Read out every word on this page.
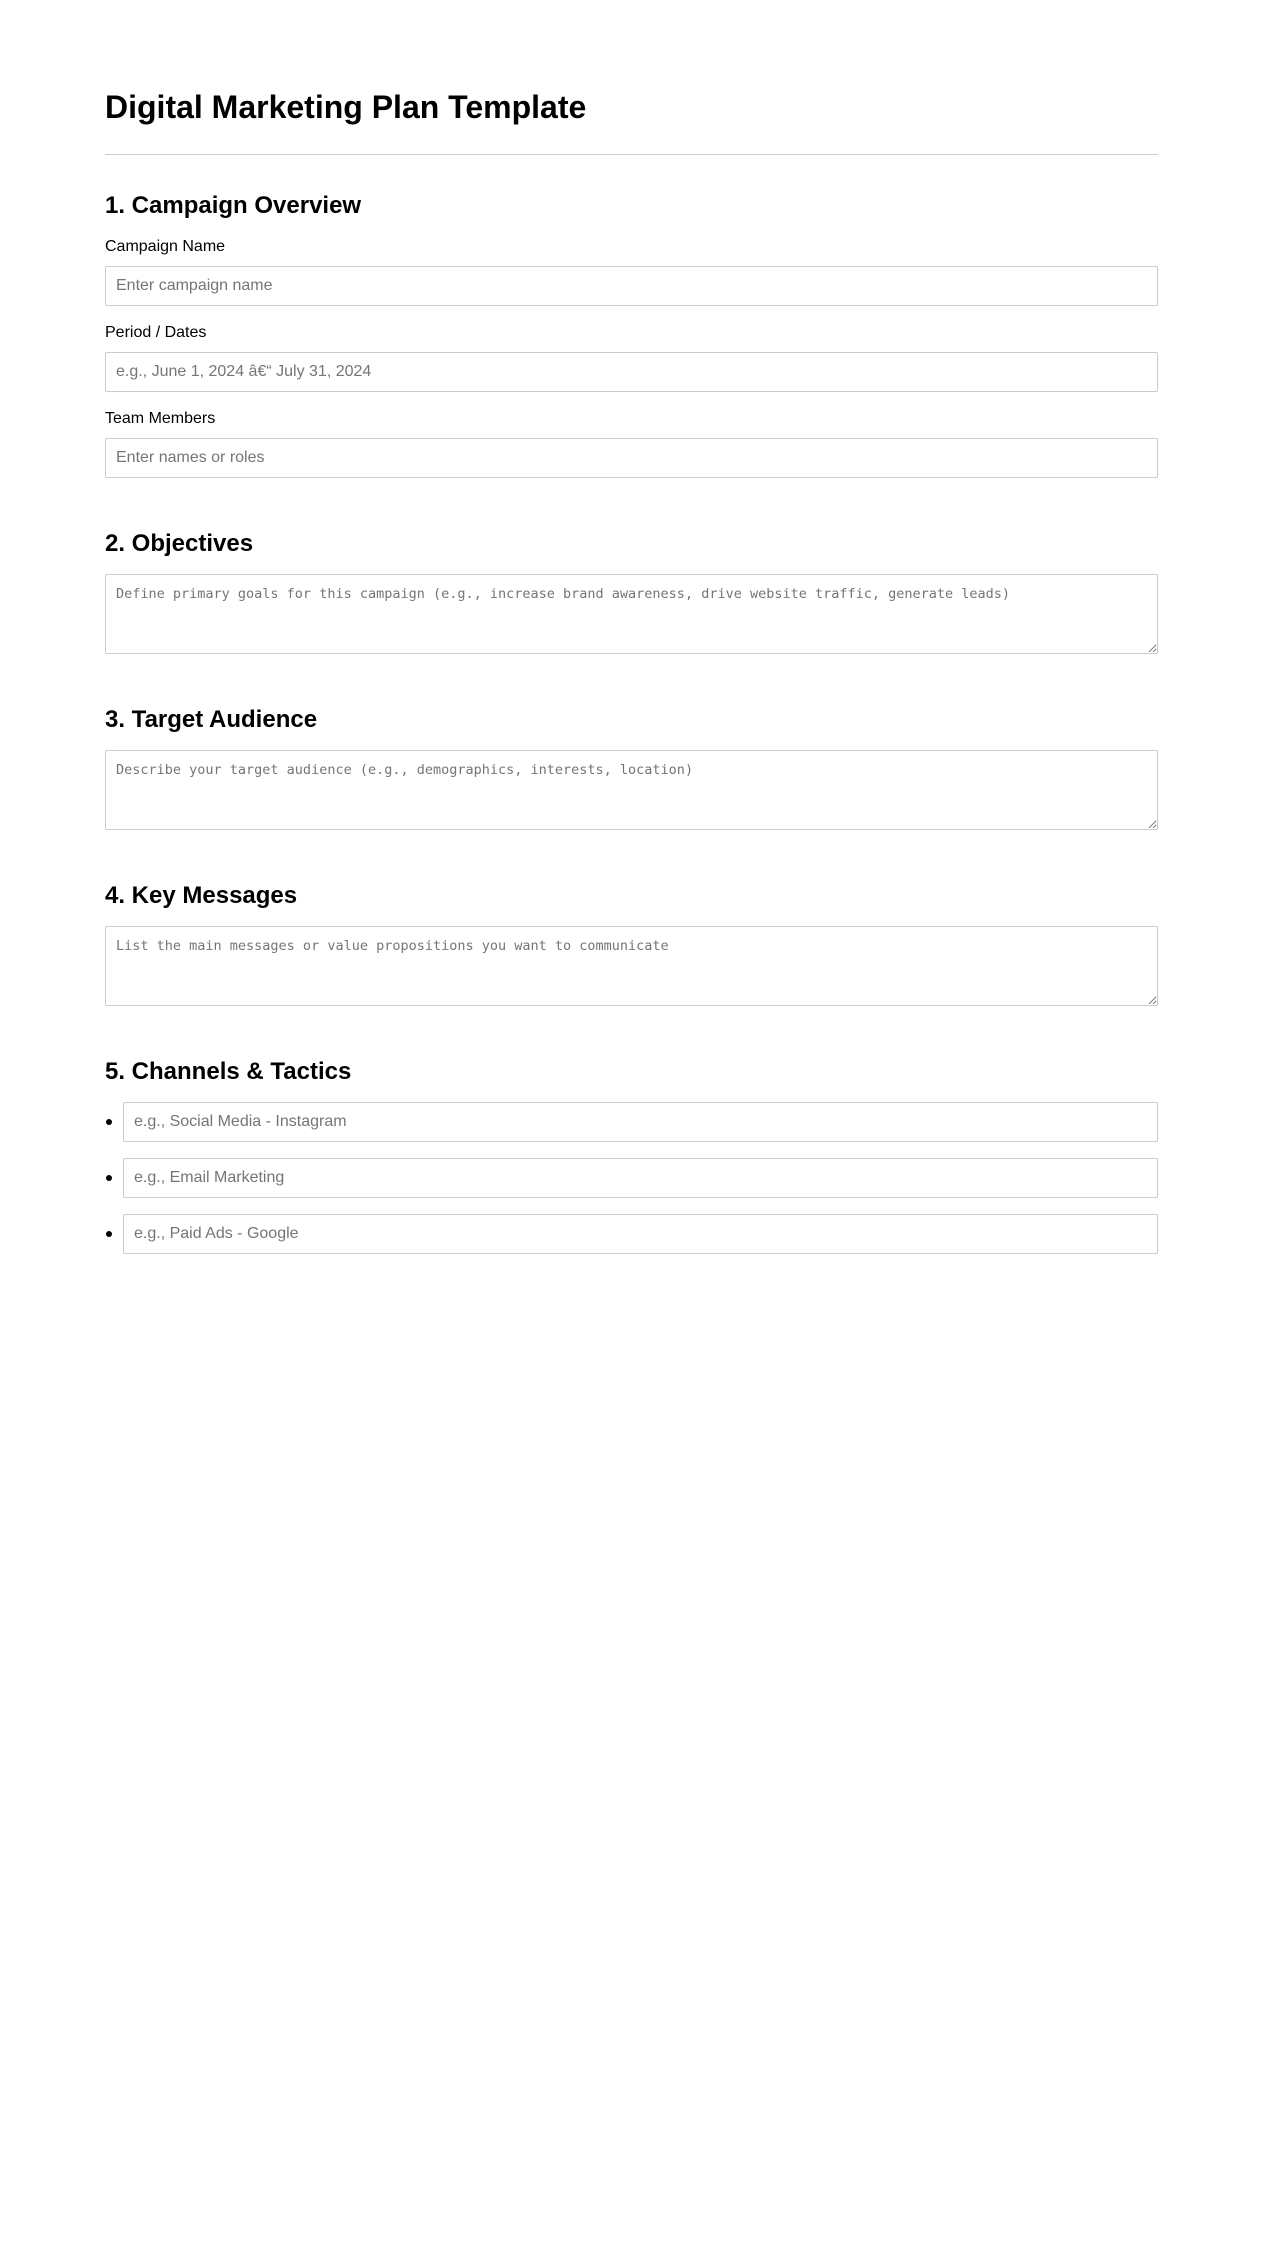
Digital Marketing Plan Template
1. Campaign Overview
Campaign Name
Enter campaign name
Period / Dates
e.g., June 1, 2024 â€“ July 31, 2024
Team Members
Enter names or roles
2. Objectives
Define primary goals for this campaign (e.g., increase brand awareness, drive website traffic, generate leads)
3. Target Audience
Describe your target audience (e.g., demographics, interests, location)
4. Key Messages
List the main messages or value propositions you want to communicate
5. Channels & Tactics
e.g., Social Media - Instagram
e.g., Email Marketing
e.g., Paid Ads - Google
